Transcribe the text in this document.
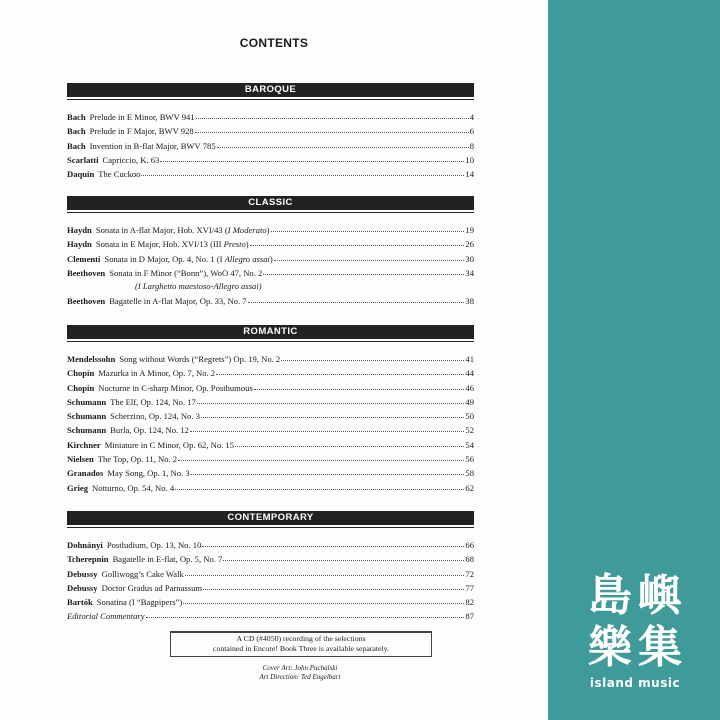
CONTENTS
BAROQUE
Bach Prelude in E Minor, BWV 941	4
Bach Prelude in F Major, BWV 928	6
Bach Invention in B-flat Major, BWV 785	8
Scarlatti Capriccio, K. 63	10
Daquin The Cuckoo	14
CLASSIC
Haydn Sonata in A-flat Major, Hob. XVI/43 (I Moderato)	19
Haydn Sonata in E Major, Hob. XVI/13 (III Presto)	26
Clementi Sonata in D Major, Op. 4, No. 1 (I Allegro assai)	30
Beethoven Sonata in F Minor (“Bonn”), WoO 47, No. 2	34
(I Larghetto maestoso-Allegro assai)
Beethoven Bagatelle in A-flat Major, Op. 33, No. 7	38
ROMANTIC
Mendelssohn Song without Words (“Regrets”) Op. 19, No. 2	41
Chopin Mazurka in A Minor, Op. 7, No. 2	44
Chopin Nocturne in C-sharp Minor, Op. Posthumous	46
Schumann The Elf, Op. 124, No. 17	49
Schumann Scherzino, Op. 124, No. 3	50
Schumann Burla, Op. 124, No. 12	52
Kirchner Miniature in C Minor, Op. 62, No. 15	54
Nielsen The Top, Op. 11, No. 2	56
Granados May Song, Op. 1, No. 3	58
Grieg Notturno, Op. 54, No. 4	62
CONTEMPORARY
Dohnányi Postludium, Op. 13, No. 10	66
Tcherepnin Bagatelle in E-flat, Op. 5, No. 7	68
Debussy Golliwogg’s Cake Walk	72
Debussy Doctor Gradus ad Parnassum	77
Bartók Sonatina (I “Bagpipers”)	82
Editorial Commentary	87
A CD (#4050) recording of the selections
contained in Encore! Book Three is available separately.
Cover Art: John Puchalski
Art Direction: Ted Engelbart
島 嶼
樂 集
island music
